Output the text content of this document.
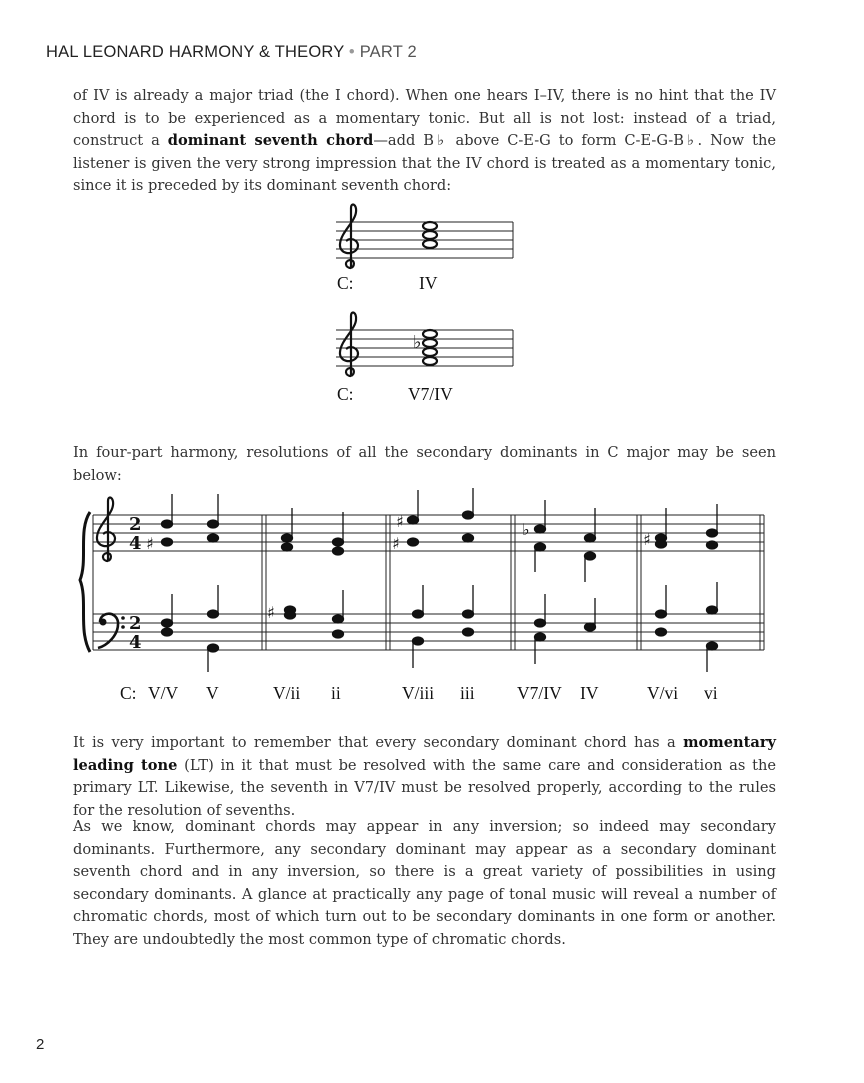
HAL LEONARD HARMONY & THEORY • PART 2

of IV is already a major triad (the I chord). When one hears I–IV, there is no hint that the IV chord is to be experienced as a momentary tonic. But all is not lost: instead of a triad, construct a dominant seventh chord—add B♭ above C-E-G to form C-E-G-B♭. Now the listener is given the very strong impression that the IV chord is treated as a momentary tonic, since it is preceded by its dominant seventh chord:

C:	IV
C:	V7/IV

In four-part harmony, resolutions of all the secondary dominants in C major may be seen below:

C: V/V V	V/ii ii	V/iii iii V7/IV IV	V/vi vi

It is very important to remember that every secondary dominant chord has a momentary leading tone (LT) in it that must be resolved with the same care and consideration as the primary LT. Likewise, the seventh in V7/IV must be resolved properly, according to the rules for the resolution of sevenths.

As we know, dominant chords may appear in any inversion; so indeed may secondary dominants. Furthermore, any secondary dominant may appear as a secondary dominant seventh chord and in any inversion, so there is a great variety of possibilities in using secondary dominants. A glance at practically any page of tonal music will reveal a number of chromatic chords, most of which turn out to be secondary dominants in one form or another. They are undoubtedly the most common type of chromatic chords.

2
♭
2
4
2
4
♯
♯
♯
♯	♯
♭
